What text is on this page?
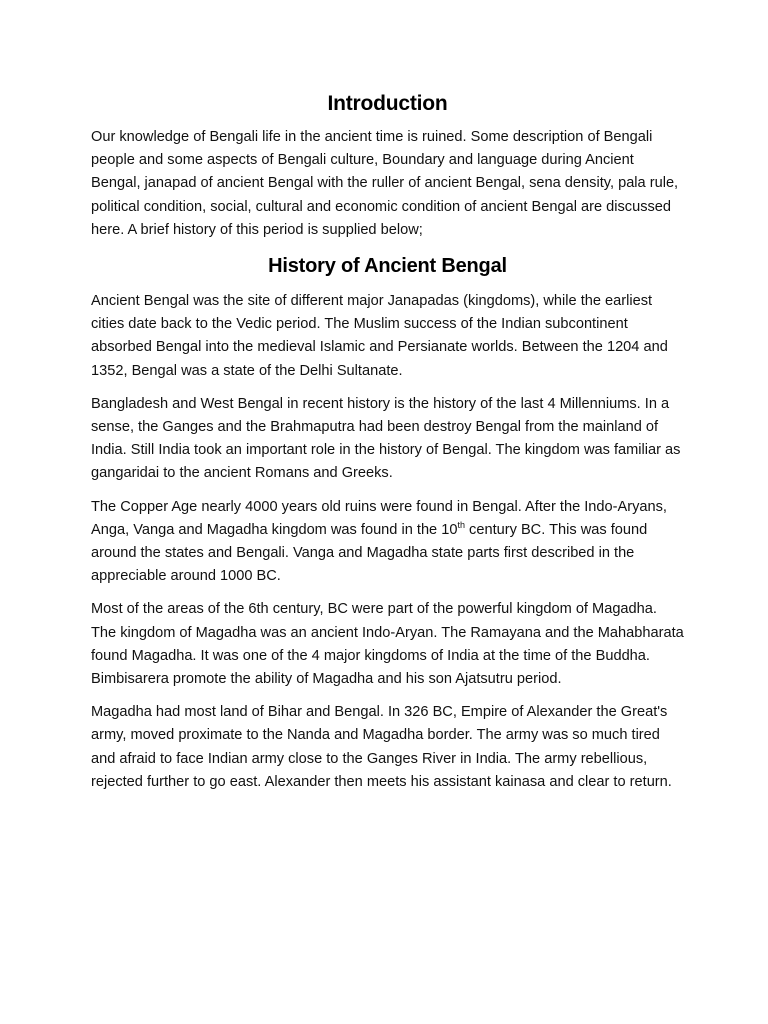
Introduction

Our knowledge of Bengali life in the ancient time is ruined. Some description of Bengali people and some aspects of Bengali culture, Boundary and language during Ancient Bengal, janapad of ancient Bengal with the ruller of ancient Bengal, sena density, pala rule, political condition, social, cultural and economic condition of ancient Bengal are discussed here. A brief history of this period is supplied below;

History of Ancient Bengal

Ancient Bengal was the site of different major Janapadas (kingdoms), while the earliest cities date back to the Vedic period. The Muslim success of the Indian subcontinent absorbed Bengal into the medieval Islamic and Persianate worlds. Between the 1204 and 1352, Bengal was a state of the Delhi Sultanate.

Bangladesh and West Bengal in recent history is the history of the last 4 Millenniums. In a sense, the Ganges and the Brahmaputra had been destroy Bengal from the mainland of India. Still India took an important role in the history of Bengal. The kingdom was familiar as gangaridai to the ancient Romans and Greeks.

The Copper Age nearly 4000 years old ruins were found in Bengal. After the Indo-Aryans, Anga, Vanga and Magadha kingdom was found in the 10th century BC. This was found around the states and Bengali. Vanga and Magadha state parts first described in the appreciable around 1000 BC.

Most of the areas of the 6th century, BC were part of the powerful kingdom of Magadha. The kingdom of Magadha was an ancient Indo-Aryan. The Ramayana and the Mahabharata found Magadha. It was one of the 4 major kingdoms of India at the time of the Buddha. Bimbisarera promote the ability of Magadha and his son Ajatsutru period.

Magadha had most land of Bihar and Bengal. In 326 BC, Empire of Alexander the Great's army, moved proximate to the Nanda and Magadha border. The army was so much tired and afraid to face Indian army close to the Ganges River in India. The army rebellious, rejected further to go east. Alexander then meets his assistant kainasa and clear to return.
